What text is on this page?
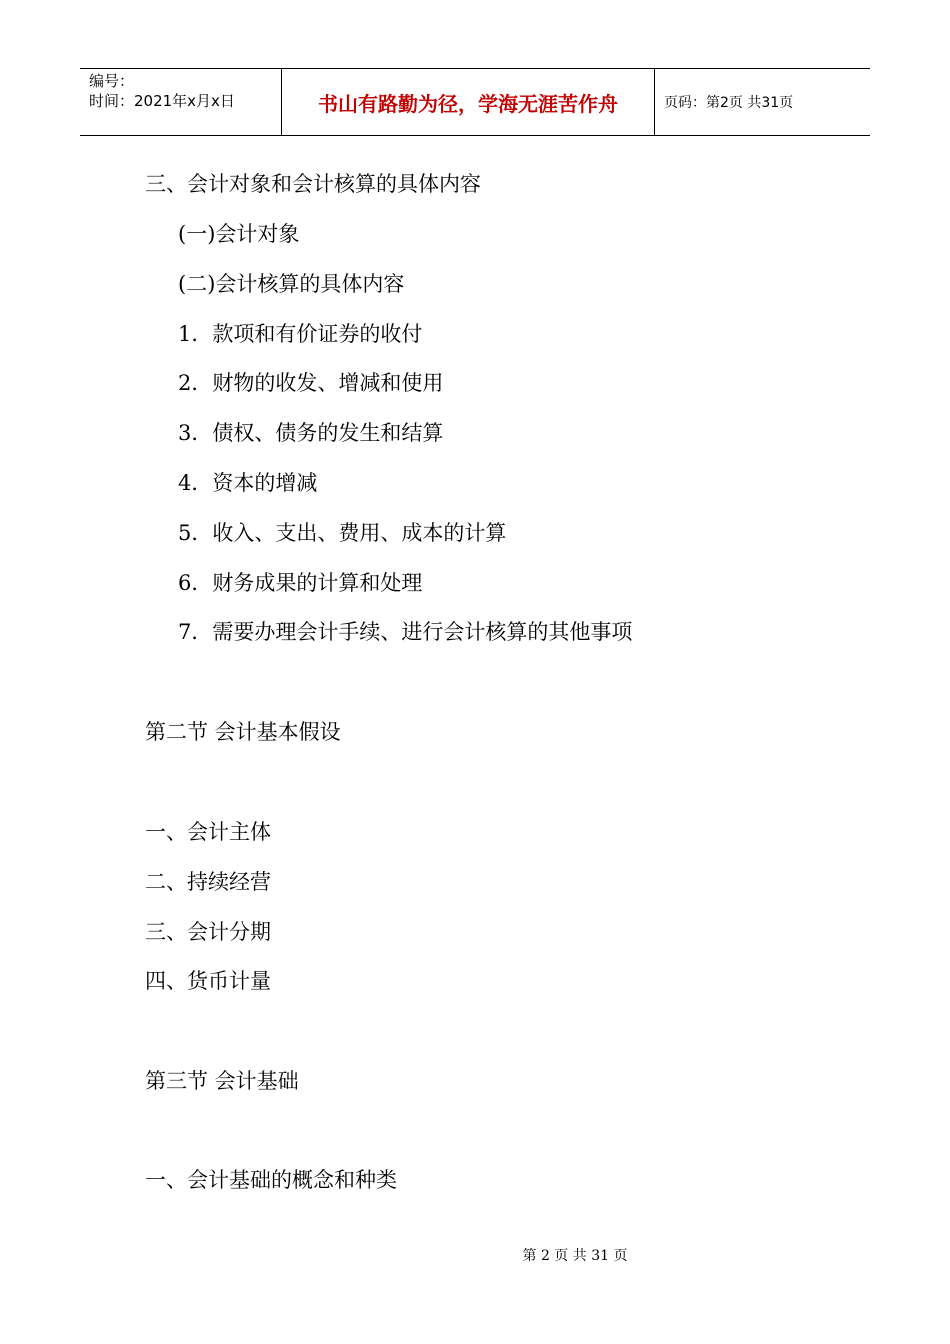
编号：
时间：2021年x月x日	书山有路勤为径，学海无涯苦作舟	页码：第2页 共31页
三、会计对象和会计核算的具体内容
(一)会计对象
(二)会计核算的具体内容
1．款项和有价证券的收付
2．财物的收发、增减和使用
3．债权、债务的发生和结算
4．资本的增减
5．收入、支出、费用、成本的计算
6．财务成果的计算和处理
7．需要办理会计手续、进行会计核算的其他事项
第二节 会计基本假设
一、会计主体
二、持续经营
三、会计分期
四、货币计量
第三节 会计基础
一、会计基础的概念和种类
第 2 页 共 31 页
